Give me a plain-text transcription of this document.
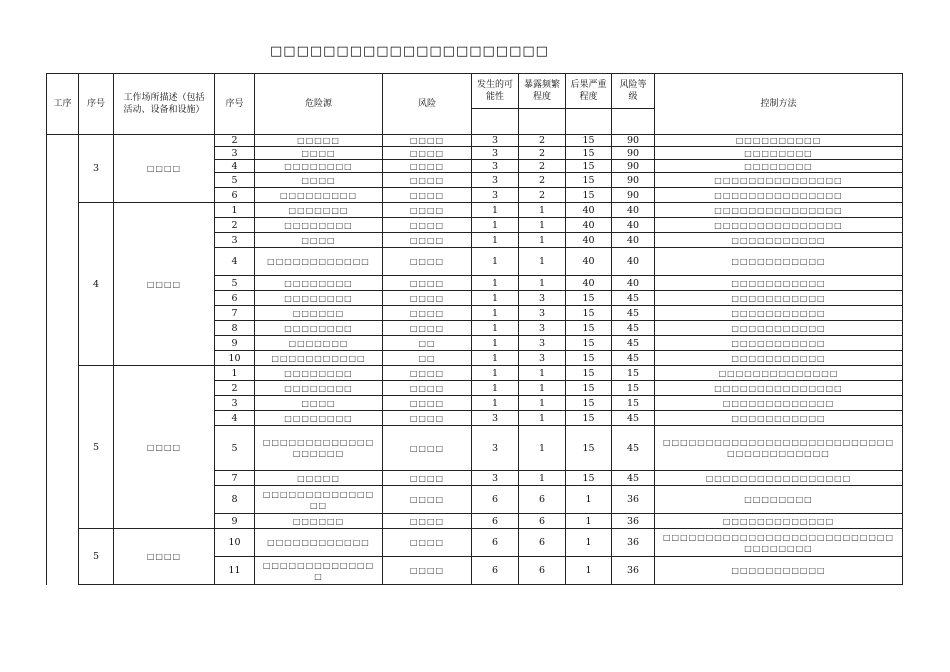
□□□□□□□□□□□□□□□□□□□□□
工序	序号	工作场所描述（包括活动、设备和设施）	序号	危险源	风险	发生的可能性	暴露频繁程度	后果严重程度	风险等级	控制方法

	3	□□□□	2	□□□□□	□□□□	3	2	15	90	□□□□□□□□□□
			3	□□□□	□□□□	3	2	15	90	□□□□□□□□
			4	□□□□□□□□	□□□□	3	2	15	90	□□□□□□□□
			5	□□□□	□□□□	3	2	15	90	□□□□□□□□□□□□□□□
			6	□□□□□□□□□	□□□□	3	2	15	90	□□□□□□□□□□□□□□□
	4	□□□□	1	□□□□□□□	□□□□	1	1	40	40	□□□□□□□□□□□□□□□
			2	□□□□□□□□	□□□□	1	1	40	40	□□□□□□□□□□□□□□□
			3	□□□□	□□□□	1	1	40	40	□□□□□□□□□□□
			4	□□□□□□□□□□□□	□□□□	1	1	40	40	□□□□□□□□□□□
			5	□□□□□□□□	□□□□	1	1	40	40	□□□□□□□□□□□
			6	□□□□□□□□	□□□□	1	3	15	45	□□□□□□□□□□□
			7	□□□□□□	□□□□	1	3	15	45	□□□□□□□□□□□
			8	□□□□□□□□	□□□□	1	3	15	45	□□□□□□□□□□□
			9	□□□□□□□	□□	1	3	15	45	□□□□□□□□□□□
			10	□□□□□□□□□□□	□□	1	3	15	45	□□□□□□□□□□□
	5	□□□□	1	□□□□□□□□	□□□□	1	1	15	15	□□□□□□□□□□□□□□
			2	□□□□□□□□	□□□□	1	1	15	15	□□□□□□□□□□□□□□□
			3	□□□□	□□□□	1	1	15	15	□□□□□□□□□□□□□
			4	□□□□□□□□	□□□□	3	1	15	45	□□□□□□□□□□□
			5	□□□□□□□□□□□□□□□□□□□	□□□□	3	1	15	45	□□□□□□□□□□□□□□□□□□□□□□□□□□□□□□□□□□□□□□□
			7	□□□□□	□□□□	3	1	15	45	□□□□□□□□□□□□□□□□□
			8	□□□□□□□□□□□□□□□	□□□□	6	6	1	36	□□□□□□□□
			9	□□□□□□	□□□□	6	6	1	36	□□□□□□□□□□□□□
	5	□□□□	10	□□□□□□□□□□□□	□□□□	6	6	1	36	□□□□□□□□□□□□□□□□□□□□□□□□□□□□□□□□□□□
			11	□□□□□□□□□□□□□□	□□□□	6	6	1	36	□□□□□□□□□□□
